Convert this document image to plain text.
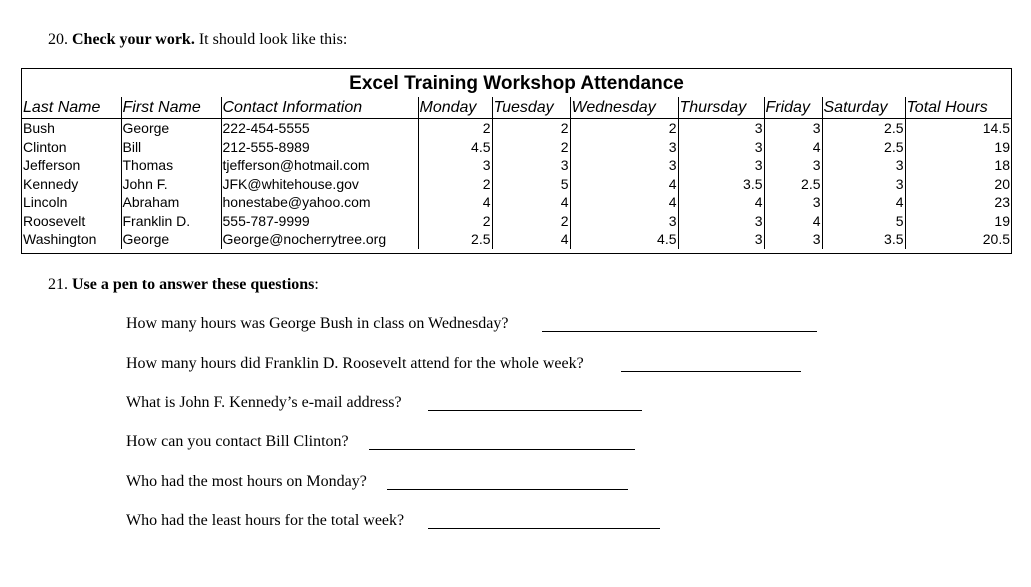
20. Check your work. It should look like this:
Excel Training Workshop Attendance
Last Name	First Name	Contact Information	Monday	Tuesday	Wednesday	Thursday	Friday	Saturday	Total Hours
Bush	George	222-454-5555	2	2	2	3	3	2.5	14.5
Clinton	Bill	212-555-8989	4.5	2	3	3	4	2.5	19
Jefferson	Thomas	tjefferson@hotmail.com	3	3	3	3	3	3	18
Kennedy	John F.	JFK@whitehouse.gov	2	5	4	3.5	2.5	3	20
Lincoln	Abraham	honestabe@yahoo.com	4	4	4	4	3	4	23
Roosevelt	Franklin D.	555-787-9999	2	2	3	3	4	5	19
Washington	George	George@nocherrytree.org	2.5	4	4.5	3	3	3.5	20.5
21. Use a pen to answer these questions:
How many hours was George Bush in class on Wednesday?
How many hours did Franklin D. Roosevelt attend for the whole week?
What is John F. Kennedy’s e-mail address?
How can you contact Bill Clinton?
Who had the most hours on Monday?
Who had the least hours for the total week?
